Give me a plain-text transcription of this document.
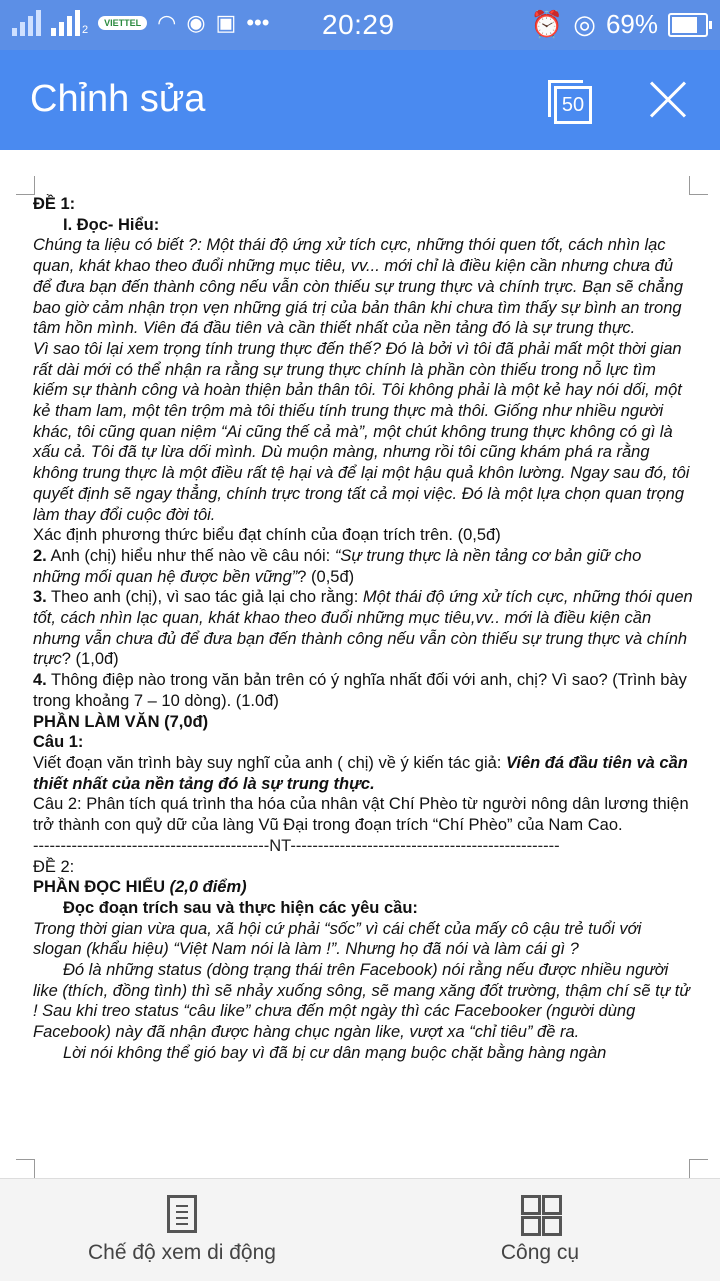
2
VIETTEL ◠ ◉ ▣ ••• 20:29	⏰ ◎ 69%
Chỉnh sửa	50

ĐỀ 1:

I. Đọc- Hiểu:

Chúng ta liệu có biết ?: Một thái độ ứng xử tích cực, những thói quen tốt, cách nhìn lạc quan, khát khao theo đuổi những mục tiêu, vv... mới chỉ là điều kiện cần nhưng chưa đủ để đưa bạn đến thành công nếu vẫn còn thiếu sự trung thực và chính trực. Bạn sẽ chẳng bao giờ cảm nhận trọn vẹn những giá trị của bản thân khi chưa tìm thấy sự bình an trong tâm hồn mình. Viên đá đầu tiên và cần thiết nhất của nền tảng đó là sự trung thực.

Vì sao tôi lại xem trọng tính trung thực đến thế? Đó là bởi vì tôi đã phải mất một thời gian rất dài mới có thể nhận ra rằng sự trung thực chính là phần còn thiếu trong nỗ lực tìm kiếm sự thành công và hoàn thiện bản thân tôi. Tôi không phải là một kẻ hay nói dối, một kẻ tham lam, một tên trộm mà tôi thiếu tính trung thực mà thôi. Giống như nhiều người khác, tôi cũng quan niệm “Ai cũng thế cả mà”, một chút không trung thực không có gì là xấu cả. Tôi đã tự lừa dối mình. Dù muộn màng, nhưng rồi tôi cũng khám phá ra rằng không trung thực là một điều rất tệ hại và để lại một hậu quả khôn lường. Ngay sau đó, tôi quyết định sẽ ngay thẳng, chính trực trong tất cả mọi việc. Đó là một lựa chọn quan trọng làm thay đổi cuộc đời tôi.

Xác định phương thức biểu đạt chính của đoạn trích trên. (0,5đ)

2. Anh (chị) hiểu như thế nào về câu nói: “Sự trung thực là nền tảng cơ bản giữ cho những mối quan hệ được bền vững”? (0,5đ)

3. Theo anh (chị), vì sao tác giả lại cho rằng: Một thái độ ứng xử tích cực, những thói quen tốt, cách nhìn lạc quan, khát khao theo đuổi những mục tiêu,vv.. mới là điều kiện cần nhưng vẫn chưa đủ để đưa bạn đến thành công nếu vẫn còn thiếu sự trung thực và chính trực? (1,0đ)

4. Thông điệp nào trong văn bản trên có ý nghĩa nhất đối với anh, chị? Vì sao? (Trình bày trong khoảng 7 – 10 dòng). (1.0đ)

PHẦN LÀM VĂN (7,0đ)

Câu 1:

Viết đoạn văn trình bày suy nghĩ của anh ( chị) về ý kiến tác giả: Viên đá đầu tiên và cần thiết nhất của nền tảng đó là sự trung thực.

Câu 2: Phân tích quá trình tha hóa của nhân vật Chí Phèo từ người nông dân lương thiện trở thành con quỷ dữ của làng Vũ Đại trong đoạn trích “Chí Phèo” của Nam Cao.

-------------------------------------------NT-------------------------------------------------

ĐỀ 2:

PHẦN ĐỌC HIỂU (2,0 điểm)

Đọc đoạn trích sau và thực hiện các yêu cầu:

Trong thời gian vừa qua, xã hội cứ phải “sốc” vì cái chết của mấy cô cậu trẻ tuổi với slogan (khẩu hiệu) “Việt Nam nói là làm !”. Nhưng họ đã nói và làm cái gì ?

Đó là những status (dòng trạng thái trên Facebook) nói rằng nếu được nhiều người like (thích, đồng tình) thì sẽ nhảy xuống sông, sẽ mang xăng đốt trường, thậm chí sẽ tự tử ! Sau khi treo status “câu like” chưa đến một ngày thì các Facebooker (người dùng Facebook) này đã nhận được hàng chục ngàn like, vượt xa “chỉ tiêu” đề ra.

Lời nói không thể gió bay vì đã bị cư dân mạng buộc chặt bằng hàng ngàn

Chế độ xem di động	Công cụ
